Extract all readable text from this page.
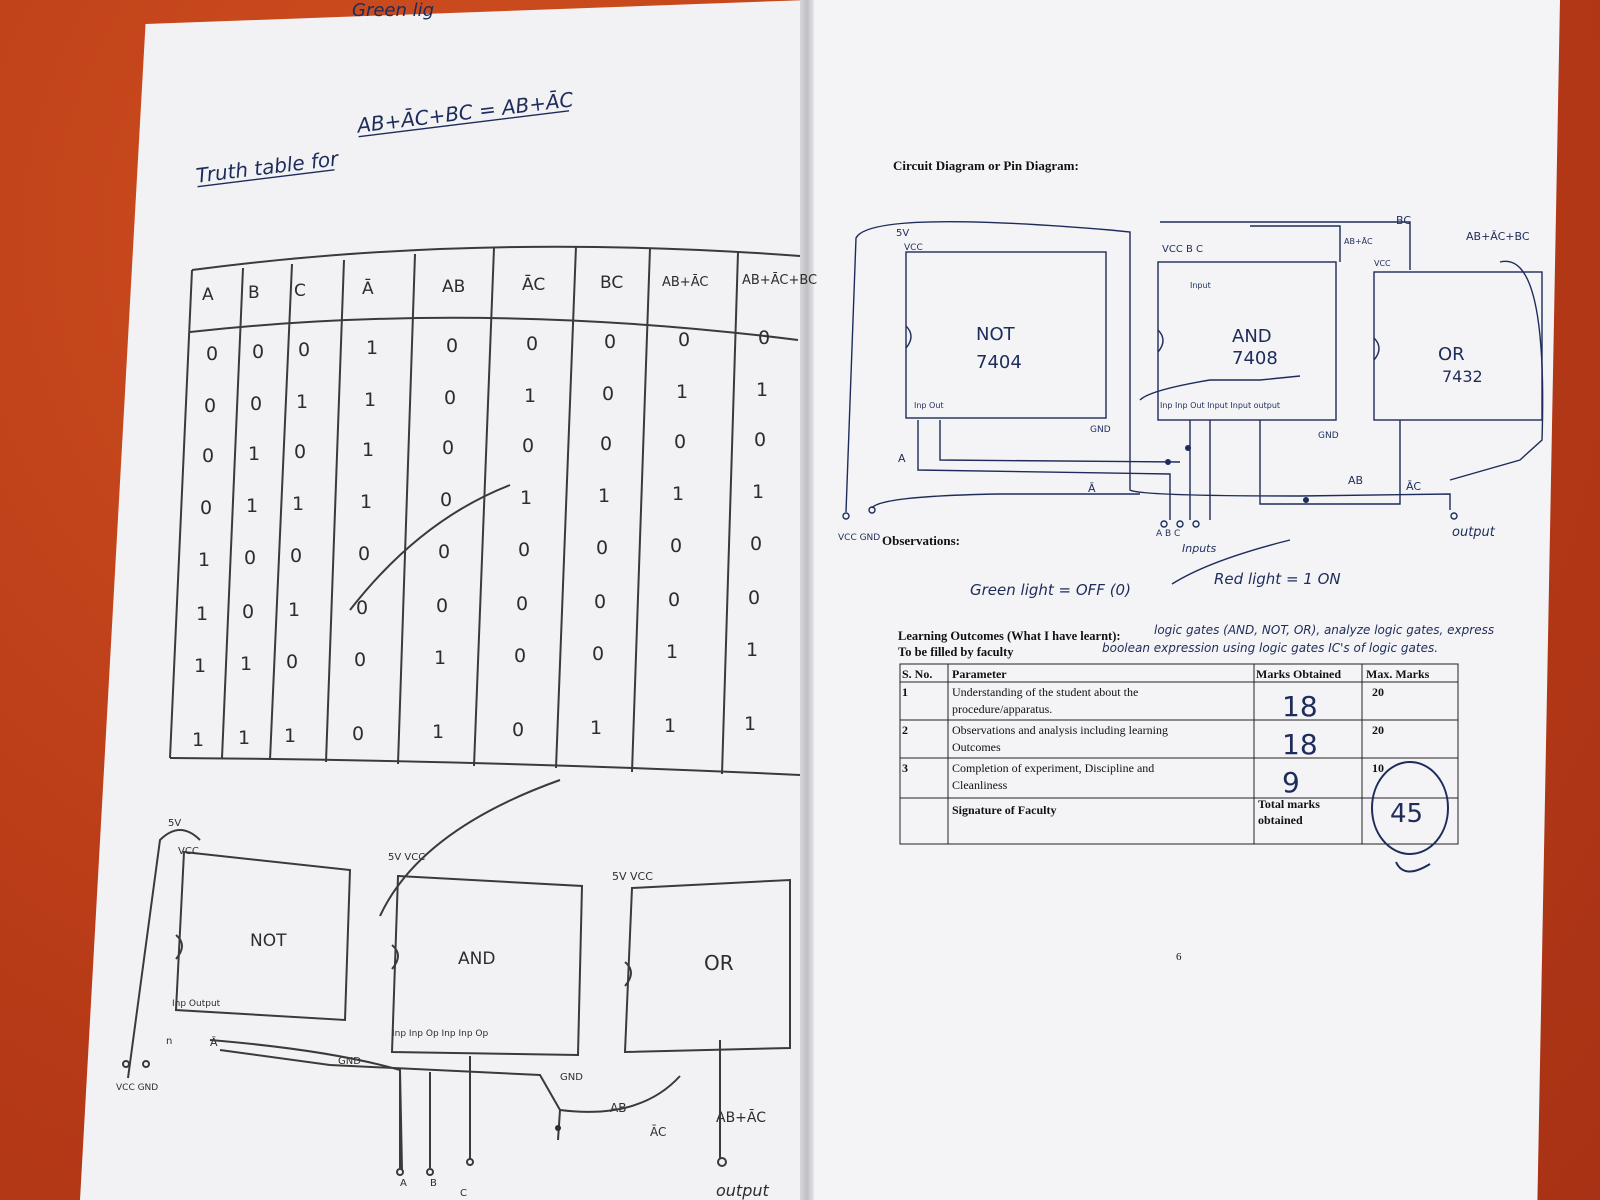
Green lig
Truth table for
AB+ĀC+BC = AB+ĀC
A B C	Ā	AB	ĀC	BC	AB+ĀC	AB+ĀC+BC
0 0 0	1	0	0	0	0	0
0 0 1	1	0	1	0	1	1
0 1 0	1	0	0	0	0	0
0 1 1	1	0	1	1	1	1
1 0 0	0	0	0	0	0	0
1 0 1	0	0	0	0	0	0
1 1 0	0	1	0	0	1	1
1 1 1	0	1	0	1	1	1
NOT
AND	OR
5V
VCC
5V VCC
5V VCC
Inp Output
Ā
n
GND
Inp Inp Op Inp Inp Op
GND
AB
ĀC
AB+ĀC
VCC GND
A B
C	output
Circuit Diagram or Pin Diagram:
NOT
7404
AND
7408	OR
7432
5V
VCC	VCC B C
Input
BC
AB+ĀC	AB+ĀC+BC
VCC
Inp Out	Inp Inp Out Input Input output
GND
GND
A
Ā
AB	ĀC
A B C
Inputs
VCC GND	output
Observations:
Green light = OFF (0)
Red light = 1 ON
Learning Outcomes (What I have learnt):	logic gates (AND, NOT, OR), analyze logic gates, express
boolean expression using logic gates IC's of logic gates.
To be filled by faculty
S. No. Parameter	Marks Obtained Max. Marks
1	Understanding of the student about the
procedure/apparatus.	18	20
2	Observations and analysis including learning
Outcomes	18	20
3	Completion of experiment, Discipline and
Cleanliness	9	10
Signature of Faculty	Total marks
obtained	45
6
